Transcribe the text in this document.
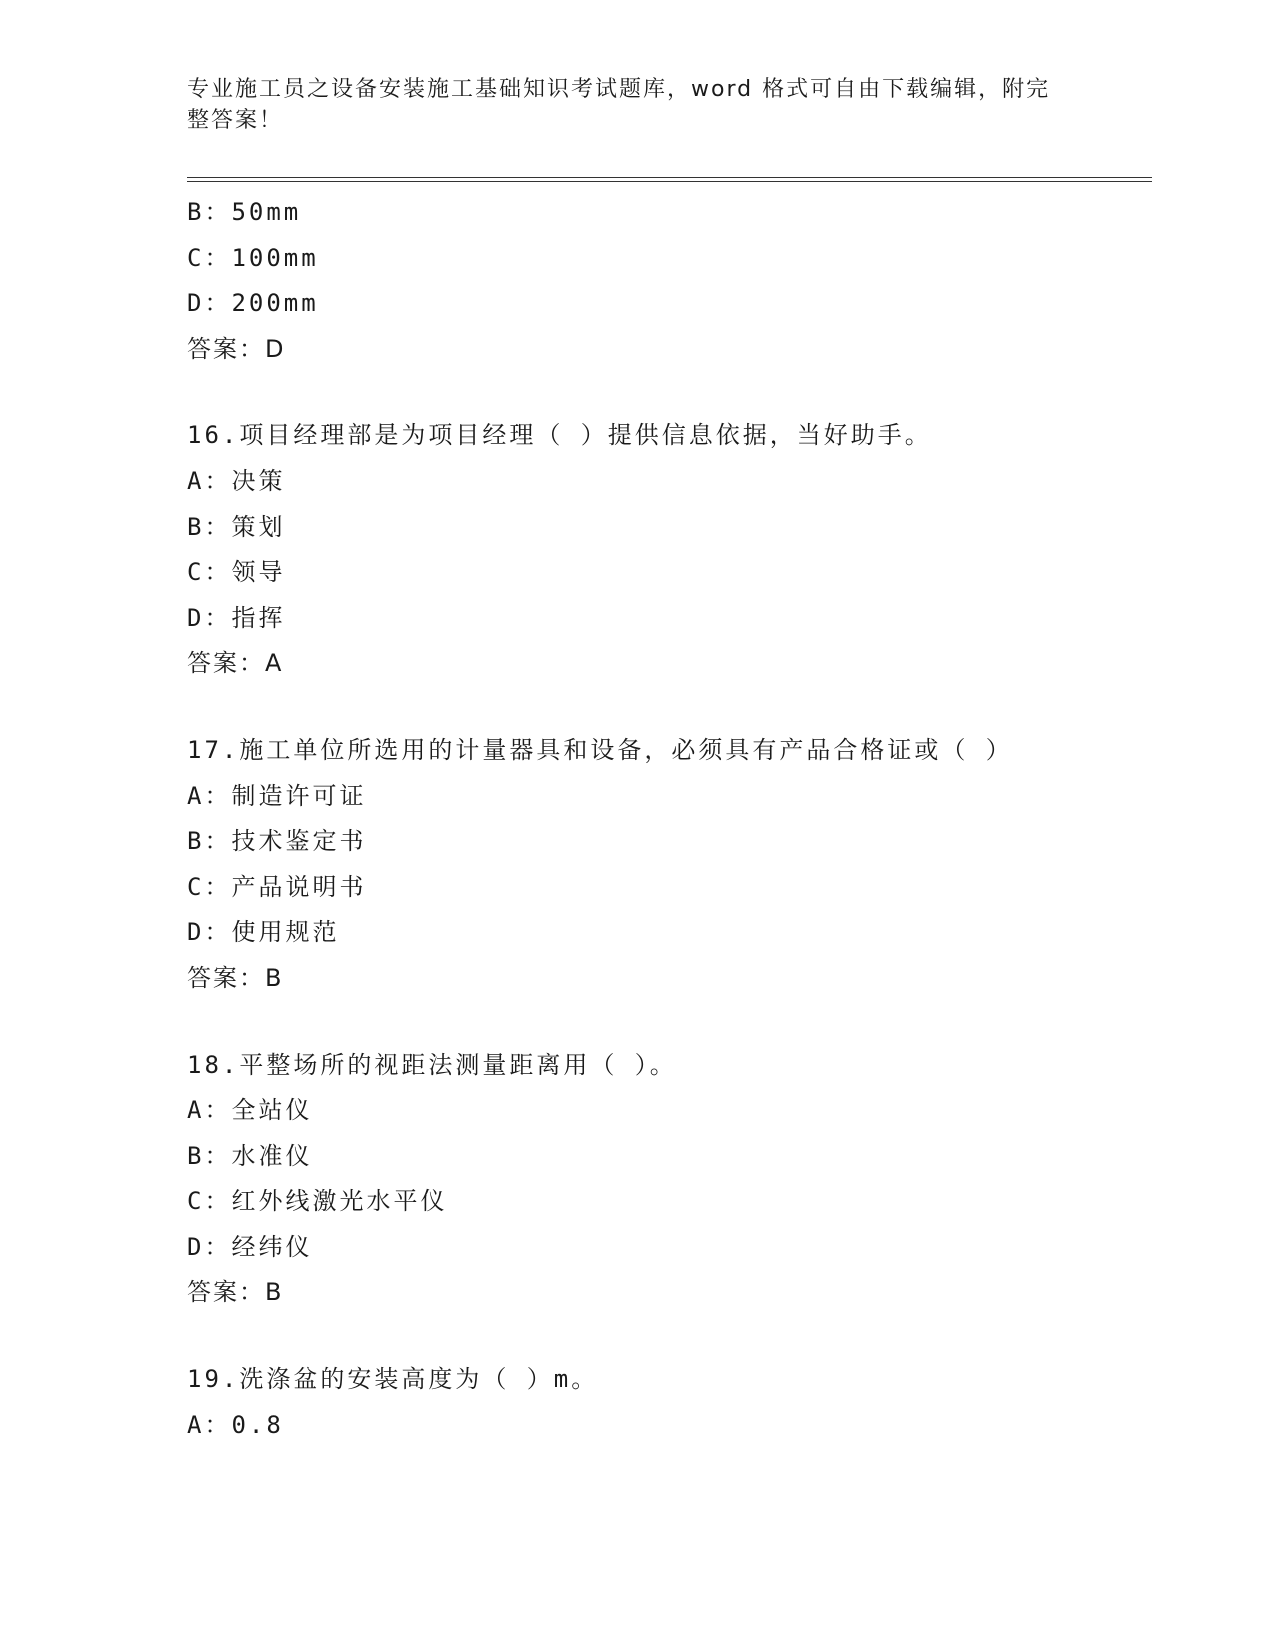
专业施工员之设备安装施工基础知识考试题库，word 格式可自由下载编辑，附完
整答案！
B：50mm
C：100mm
D：200mm
答案：D
16.项目经理部是为项目经理（ ）提供信息依据，当好助手。
A：决策
B：策划
C：领导
D：指挥
答案：A
17.施工单位所选用的计量器具和设备，必须具有产品合格证或（ ）
A：制造许可证
B：技术鉴定书
C：产品说明书
D：使用规范
答案：B
18.平整场所的视距法测量距离用（ ）。
A：全站仪
B：水准仪
C：红外线激光水平仪
D：经纬仪
答案：B
19.洗涤盆的安装高度为（ ）m。
A：0.8
